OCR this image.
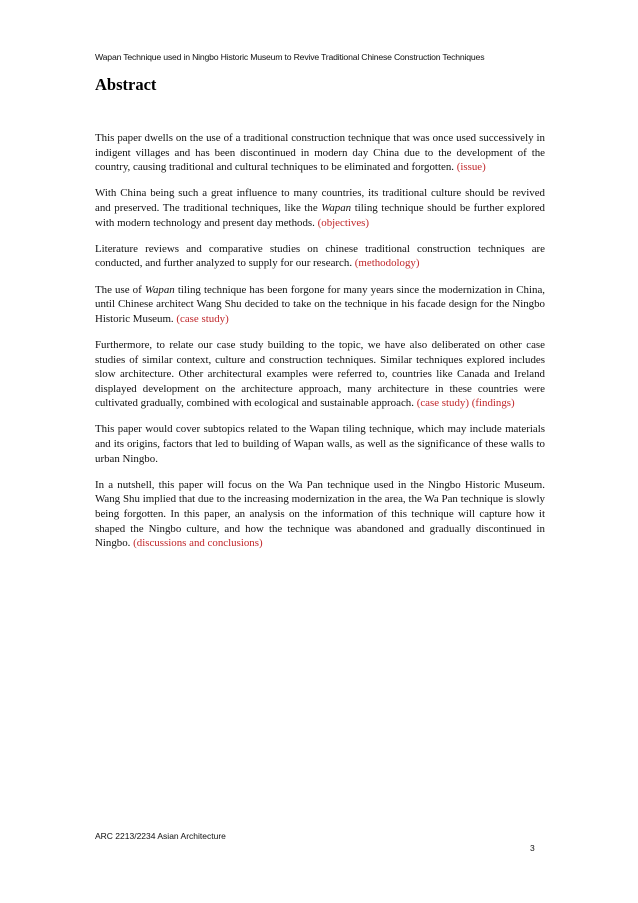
Wapan Technique used in Ningbo Historic Museum to Revive Traditional Chinese Construction Techniques
Abstract

This paper dwells on the use of a traditional construction technique that was once used successively in indigent villages and has been discontinued in modern day China due to the development of the country, causing traditional and cultural techniques to be eliminated and forgotten. (issue)

With China being such a great influence to many countries, its traditional culture should be revived and preserved. The traditional techniques, like the Wapan tiling technique should be further explored with modern technology and present day methods. (objectives)

Literature reviews and comparative studies on chinese traditional construction techniques are conducted, and further analyzed to supply for our research. (methodology)

The use of Wapan tiling technique has been forgone for many years since the modernization in China, until Chinese architect Wang Shu decided to take on the technique in his facade design for the Ningbo Historic Museum. (case study)

Furthermore, to relate our case study building to the topic, we have also deliberated on other case studies of similar context, culture and construction techniques. Similar techniques explored includes slow architecture. Other architectural examples were referred to, countries like Canada and Ireland displayed development on the architecture approach, many architecture in these countries were cultivated gradually, combined with ecological and sustainable approach. (case study) (findings)

This paper would cover subtopics related to the Wapan tiling technique, which may include materials and its origins, factors that led to building of Wapan walls, as well as the significance of these walls to urban Ningbo.

In a nutshell, this paper will focus on the Wa Pan technique used in the Ningbo Historic Museum. Wang Shu implied that due to the increasing modernization in the area, the Wa Pan technique is slowly being forgotten. In this paper, an analysis on the information of this technique will capture how it shaped the Ningbo culture, and how the technique was abandoned and gradually discontinued in Ningbo. (discussions and conclusions)

ARC 2213/2234 Asian Architecture
3
